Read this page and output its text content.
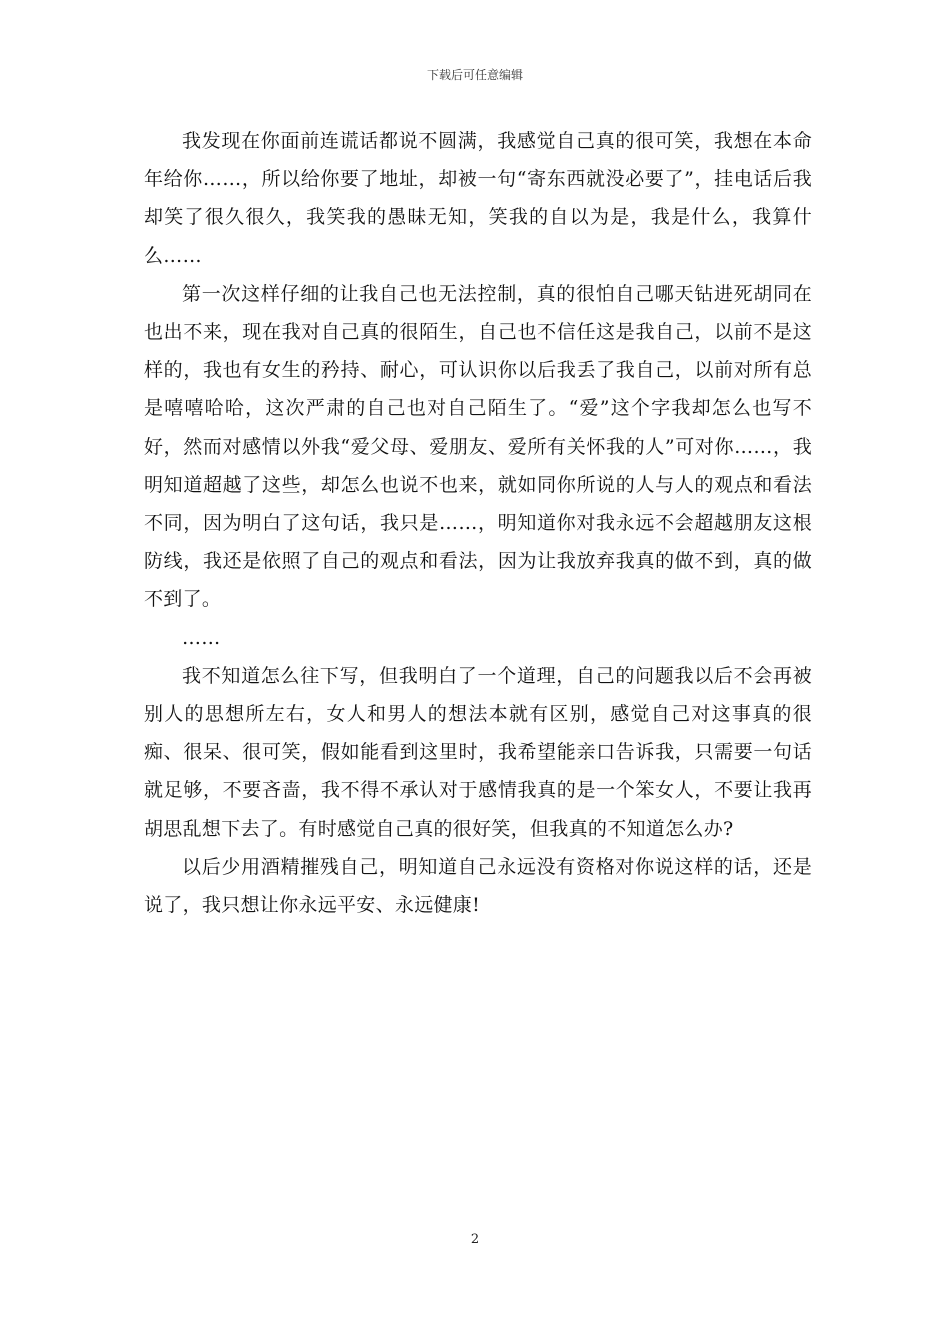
下载后可任意编辑

我发现在你面前连谎话都说不圆满，我感觉自己真的很可笑，我想在本命年给你……，所以给你要了地址，却被一句“寄东西就没必要了”，挂电话后我却笑了很久很久，我笑我的愚昧无知，笑我的自以为是，我是什么，我算什么……

第一次这样仔细的让我自己也无法控制，真的很怕自己哪天钻进死胡同在也出不来，现在我对自己真的很陌生，自己也不信任这是我自己，以前不是这样的，我也有女生的矜持、耐心，可认识你以后我丢了我自己，以前对所有总是嘻嘻哈哈，这次严肃的自己也对自己陌生了。“爱”这个字我却怎么也写不好，然而对感情以外我“爱父母、爱朋友、爱所有关怀我的人”可对你……，我明知道超越了这些，却怎么也说不也来，就如同你所说的人与人的观点和看法不同，因为明白了这句话，我只是……，明知道你对我永远不会超越朋友这根防线，我还是依照了自己的观点和看法，因为让我放弃我真的做不到，真的做不到了。

……

我不知道怎么往下写，但我明白了一个道理，自己的问题我以后不会再被别人的思想所左右，女人和男人的想法本就有区别，感觉自己对这事真的很痴、很呆、很可笑，假如能看到这里时，我希望能亲口告诉我，只需要一句话就足够，不要吝啬，我不得不承认对于感情我真的是一个笨女人，不要让我再胡思乱想下去了。有时感觉自己真的很好笑，但我真的不知道怎么办?

以后少用酒精摧残自己，明知道自己永远没有资格对你说这样的话，还是说了，我只想让你永远平安、永远健康!

2
